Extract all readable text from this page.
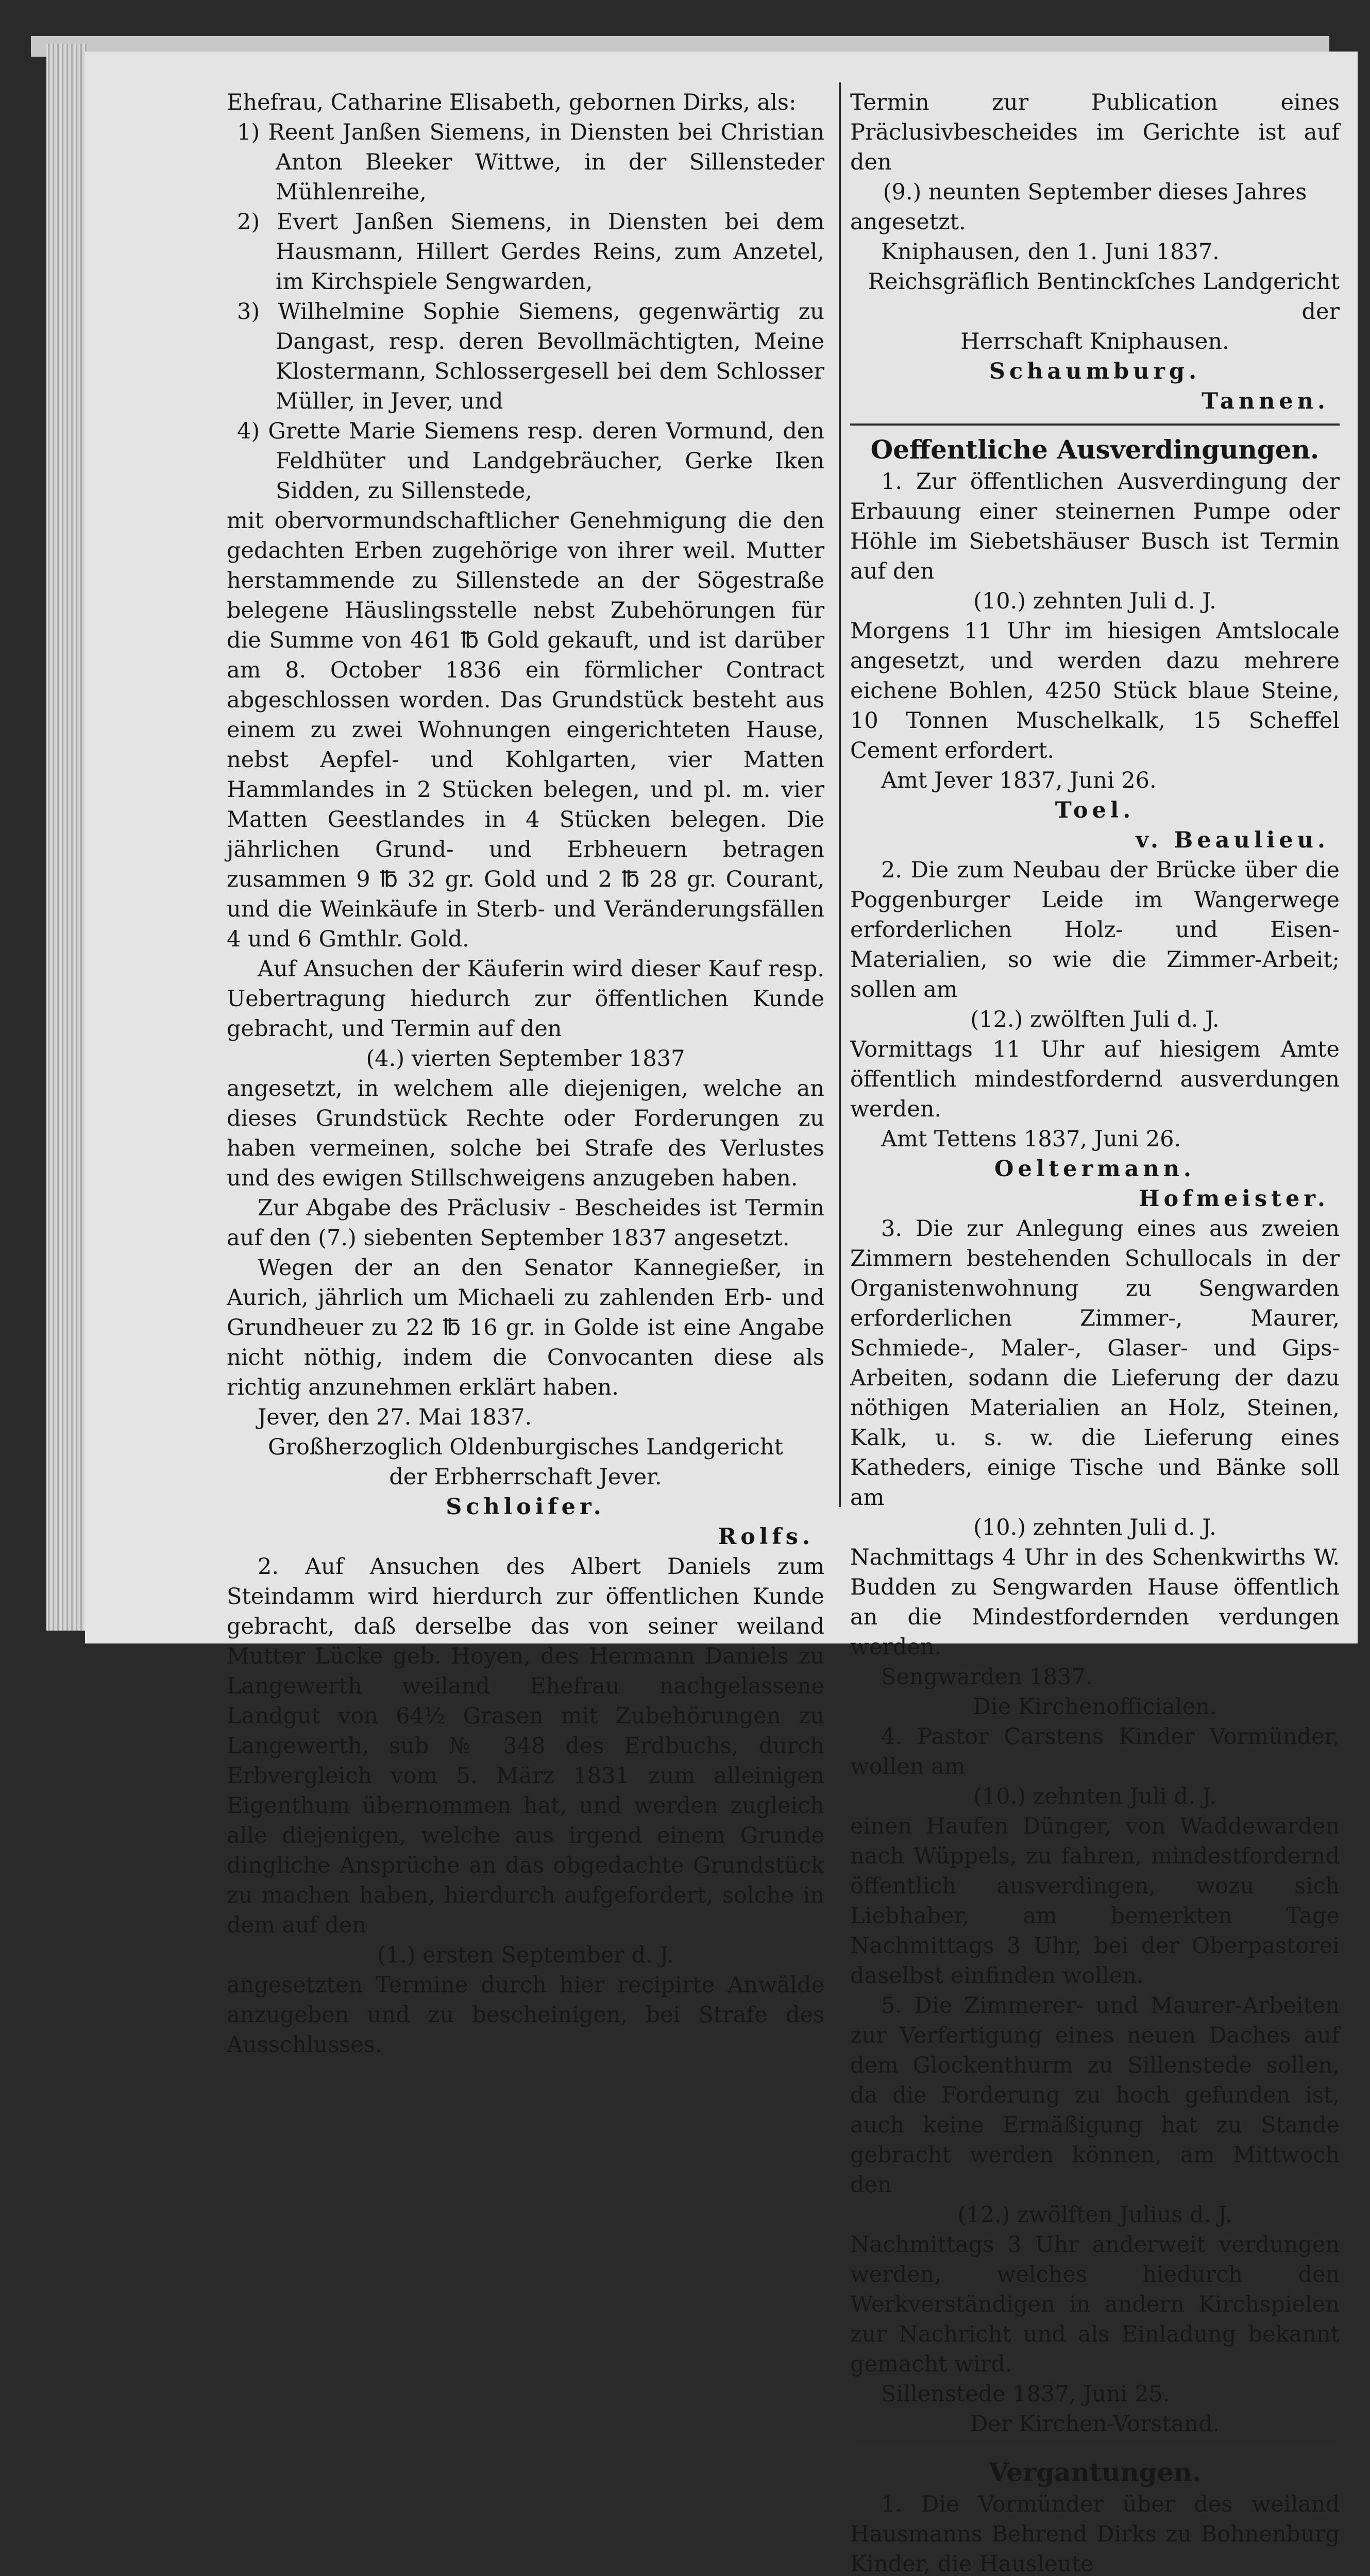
Ehefrau, Catharine Elisabeth, gebornen Dirks, als:

1) Reent Janßen Siemens, in Diensten bei Christian Anton Bleeker Wittwe, in der Sillensteder Mühlenreihe,

2) Evert Janßen Siemens, in Diensten bei dem Hausmann, Hillert Gerdes Reins, zum Anzetel, im Kirchspiele Sengwarden,

3) Wilhelmine Sophie Siemens, gegenwärtig zu Dangast, resp. deren Bevollmächtigten, Meine Klostermann, Schlossergesell bei dem Schlosser Müller, in Jever, und

4) Grette Marie Siemens resp. deren Vormund, den Feldhüter und Landgebräucher, Gerke Iken Sidden, zu Sillenstede,

mit obervormundschaftlicher Genehmigung die den gedachten Erben zugehörige von ihrer weil. Mutter herstammende zu Sillenstede an der Sögestraße belegene Häuslingsstelle nebst Zubehörungen für die Summe von 461 ℔ Gold gekauft, und ist darüber am 8. October 1836 ein förmlicher Contract abgeschlossen worden. Das Grundstück besteht aus einem zu zwei Wohnungen eingerichteten Hause, nebst Aepfel- und Kohlgarten, vier Matten Hammlandes in 2 Stücken belegen, und pl. m. vier Matten Geestlandes in 4 Stücken belegen. Die jährlichen Grund- und Erbheuern betragen zusammen 9 ℔ 32 gr. Gold und 2 ℔ 28 gr. Courant, und die Weinkäufe in Sterb- und Veränderungsfällen 4 und 6 Gmthlr. Gold.

Auf Ansuchen der Käuferin wird dieser Kauf resp. Uebertragung hiedurch zur öffentlichen Kunde gebracht, und Termin auf den

(4.) vierten September 1837

angesetzt, in welchem alle diejenigen, welche an dieses Grundstück Rechte oder Forderungen zu haben vermeinen, solche bei Strafe des Verlustes und des ewigen Stillschweigens anzugeben haben.

Zur Abgabe des Präclusiv - Bescheides ist Termin auf den (7.) siebenten September 1837 angesetzt.

Wegen der an den Senator Kannegießer, in Aurich, jährlich um Michaeli zu zahlenden Erb- und Grundheuer zu 22 ℔ 16 gr. in Golde ist eine Angabe nicht nöthig, indem die Convocanten diese als richtig anzunehmen erklärt haben.

Jever, den 27. Mai 1837.

Großherzoglich Oldenburgisches Landgericht

der Erbherrschaft Jever.

Schloifer.

Rolfs.

2. Auf Ansuchen des Albert Daniels zum Steindamm wird hierdurch zur öffentlichen Kunde gebracht, daß derselbe das von seiner weiland Mutter Lücke geb. Hoyen, des Hermann Daniels zu Langewerth weiland Ehefrau nachgelassene Landgut von 64½ Grasen mit Zubehörungen zu Langewerth, sub № 348 des Erdbuchs, durch Erbvergleich vom 5. März 1831 zum alleinigen Eigenthum übernommen hat, und werden zugleich alle diejenigen, welche aus irgend einem Grunde dingliche Ansprüche an das obgedachte Grundstück zu machen haben, hierdurch aufgefordert, solche in dem auf den

(1.) ersten September d. J.

angesetzten Termine durch hier recipirte Anwälde anzugeben und zu bescheinigen, bei Strafe des Ausschlusses.

Termin zur Publication eines Präclusivbescheides im Gerichte ist auf den

(9.) neunten September dieses Jahres

angesetzt.

Kniphausen, den 1. Juni 1837.

Reichsgräflich Bentinckſches Landgericht der

Herrschaft Kniphausen.

Schaumburg.

Tannen.

Oeffentliche Ausverdingungen.

1. Zur öffentlichen Ausverdingung der Erbauung einer steinernen Pumpe oder Höhle im Siebetshäuser Busch ist Termin auf den

(10.) zehnten Juli d. J.

Morgens 11 Uhr im hiesigen Amtslocale angesetzt, und werden dazu mehrere eichene Bohlen, 4250 Stück blaue Steine, 10 Tonnen Muschelkalk, 15 Scheffel Cement erfordert.

Amt Jever 1837, Juni 26.

Toel.

v. Beaulieu.

2. Die zum Neubau der Brücke über die Poggenburger Leide im Wangerwege erforderlichen Holz- und Eisen-Materialien, so wie die Zimmer-Arbeit; sollen am

(12.) zwölften Juli d. J.

Vormittags 11 Uhr auf hiesigem Amte öffentlich mindestfordernd ausverdungen werden.

Amt Tettens 1837, Juni 26.

Oeltermann.

Hofmeister.

3. Die zur Anlegung eines aus zweien Zimmern bestehenden Schullocals in der Organistenwohnung zu Sengwarden erforderlichen Zimmer-, Maurer, Schmiede-, Maler-, Glaser- und Gips-Arbeiten, sodann die Lieferung der dazu nöthigen Materialien an Holz, Steinen, Kalk, u. s. w. die Lieferung eines Katheders, einige Tische und Bänke soll am

(10.) zehnten Juli d. J.

Nachmittags 4 Uhr in des Schenkwirths W. Budden zu Sengwarden Hause öffentlich an die Mindestfordernden verdungen werden.

Sengwarden 1837.

Die Kirchenofficialen.

4. Pastor Carstens Kinder Vormünder, wollen am

(10.) zehnten Juli d. J.

einen Haufen Dünger, von Waddewarden nach Wüppels, zu fahren, mindestfordernd öffentlich ausverdingen, wozu sich Liebhaber, am bemerkten Tage Nachmittags 3 Uhr, bei der Oberpastorei daselbst einfinden wollen.

5. Die Zimmerer- und Maurer-Arbeiten zur Verfertigung eines neuen Daches auf dem Glockenthurm zu Sillenstede sollen, da die Forderung zu hoch gefunden ist, auch keine Ermäßigung hat zu Stande gebracht werden können, am Mittwoch den

(12.) zwölften Julius d. J.

Nachmittags 3 Uhr anderweit verdungen werden, welches hiedurch den Werkverständigen in andern Kirchspielen zur Nachricht und als Einladung bekannt gemacht wird.

Sillenstede 1837, Juni 25.

Der Kirchen-Vorstand.

Vergantungen.

1. Die Vormünder über des weiland Hausmanns Behrend Dirks zu Bohnenburg Kinder, die Hausleute
